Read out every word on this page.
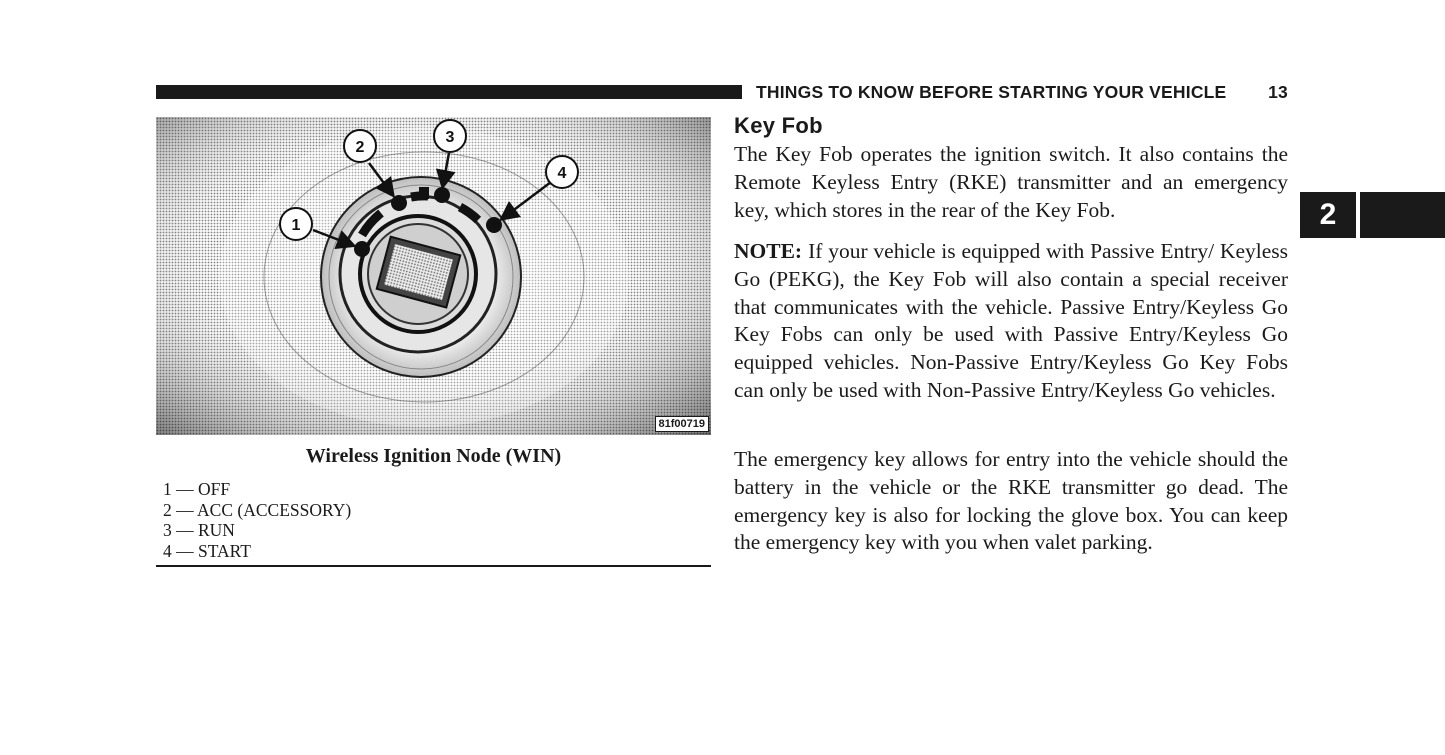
THINGS TO KNOW BEFORE STARTING YOUR VEHICLE 13
1
2
3
4
81f00719
Wireless Ignition Node (WIN)
1 — OFF
2 — ACC (ACCESSORY)
3 — RUN
4 — START
Key Fob

The Key Fob operates the ignition switch. It also contains the Remote Keyless Entry (RKE) transmitter and an emergency key, which stores in the rear of the Key Fob.

NOTE: If your vehicle is equipped with Passive Entry/ Keyless Go (PEKG), the Key Fob will also contain a special receiver that communicates with the vehicle. Passive Entry/Keyless Go Key Fobs can only be used with Passive Entry/Keyless Go equipped vehicles. Non-Passive Entry/Keyless Go Key Fobs can only be used with Non-Passive Entry/Keyless Go vehicles.

The emergency key allows for entry into the vehicle should the battery in the vehicle or the RKE transmitter go dead. The emergency key is also for locking the glove box. You can keep the emergency key with you when valet parking.

2
